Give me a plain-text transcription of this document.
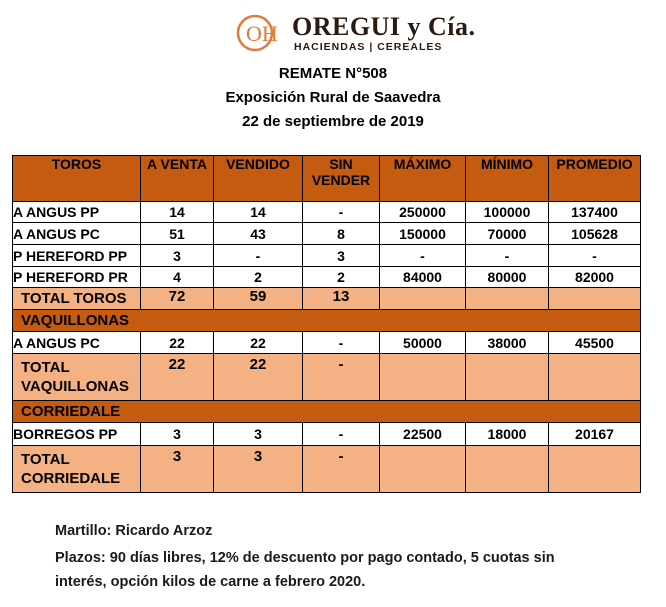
OH OREGUI y Cía.
HACIENDAS | CEREALES
REMATE N°508
Exposición Rural de Saavedra
22 de septiembre de 2019
TOROS	A VENTA	VENDIDO	SIN VENDER	MÁXIMO	MÍNIMO	PROMEDIO
A ANGUS PP	14	14	-	250000	100000	137400
A ANGUS PC	51	43	8	150000	70000	105628
P HEREFORD PP	3	-	3	-	-	-
P HEREFORD PR	4	2	2	84000	80000	82000
TOTAL TOROS	72	59	13			
VAQUILLONAS						
A ANGUS PC	22	22	-	50000	38000	45500
TOTAL VAQUILLONAS	22	22	-			
CORRIEDALE						
BORREGOS PP	3	3	-	22500	18000	20167
TOTAL CORRIEDALE	3	3	-			
Martillo: Ricardo Arzoz
Plazos: 90 días libres, 12% de descuento por pago contado, 5 cuotas sin
interés, opción kilos de carne a febrero 2020.
